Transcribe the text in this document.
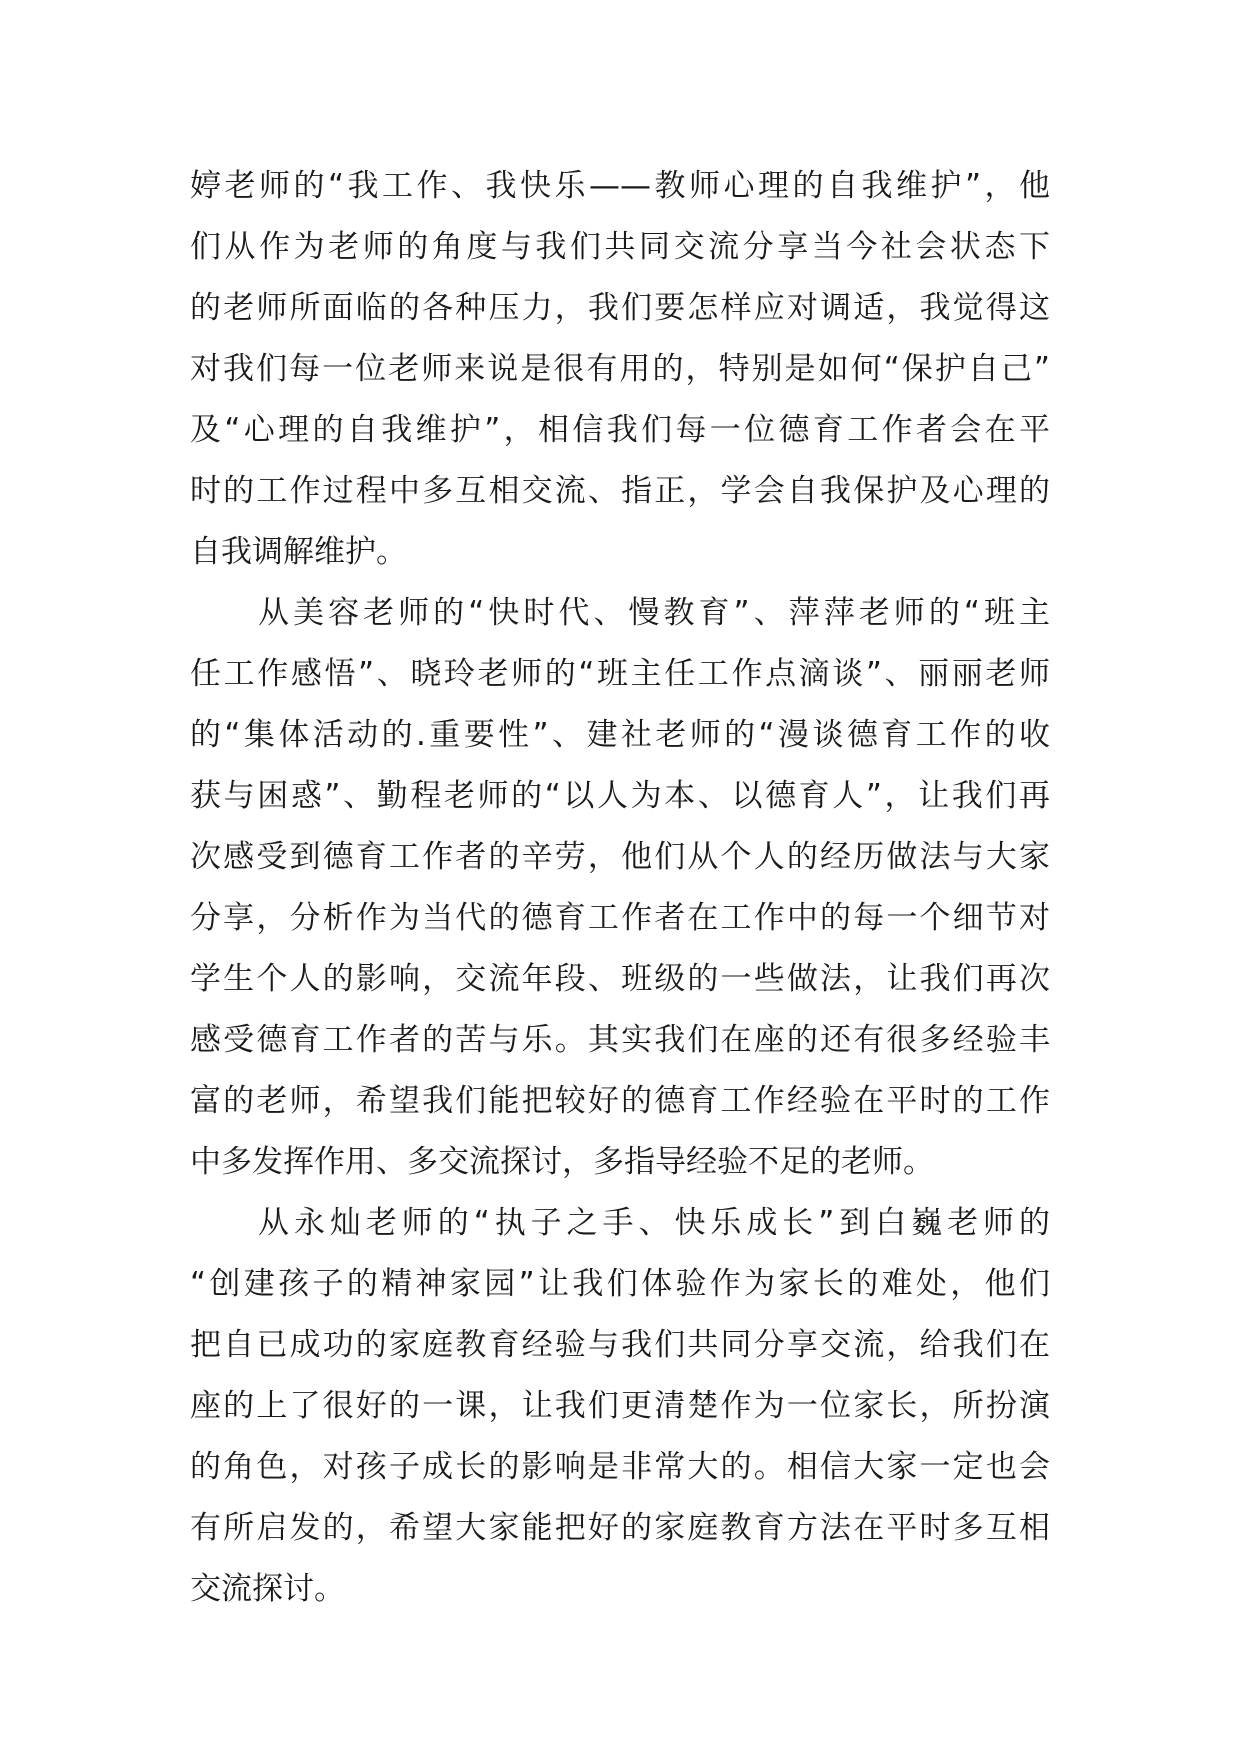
婷老师的“我工作、我快乐——教师心理的自我维护”，他
们从作为老师的角度与我们共同交流分享当今社会状态下
的老师所面临的各种压力，我们要怎样应对调适，我觉得这
对我们每一位老师来说是很有用的，特别是如何“保护自己”
及“心理的自我维护”，相信我们每一位德育工作者会在平
时的工作过程中多互相交流、指正，学会自我保护及心理的
自我调解维护。
从美容老师的“快时代、慢教育”、萍萍老师的“班主
任工作感悟”、晓玲老师的“班主任工作点滴谈”、丽丽老师
的“集体活动的.重要性”、建社老师的“漫谈德育工作的收
获与困惑”、勤程老师的“以人为本、以德育人”，让我们再
次感受到德育工作者的辛劳，他们从个人的经历做法与大家
分享，分析作为当代的德育工作者在工作中的每一个细节对
学生个人的影响，交流年段、班级的一些做法，让我们再次
感受德育工作者的苦与乐。其实我们在座的还有很多经验丰
富的老师，希望我们能把较好的德育工作经验在平时的工作
中多发挥作用、多交流探讨，多指导经验不足的老师。
从永灿老师的“执子之手、快乐成长”到白巍老师的
“创建孩子的精神家园”让我们体验作为家长的难处，他们
把自已成功的家庭教育经验与我们共同分享交流，给我们在
座的上了很好的一课，让我们更清楚作为一位家长，所扮演
的角色，对孩子成长的影响是非常大的。相信大家一定也会
有所启发的，希望大家能把好的家庭教育方法在平时多互相
交流探讨。
